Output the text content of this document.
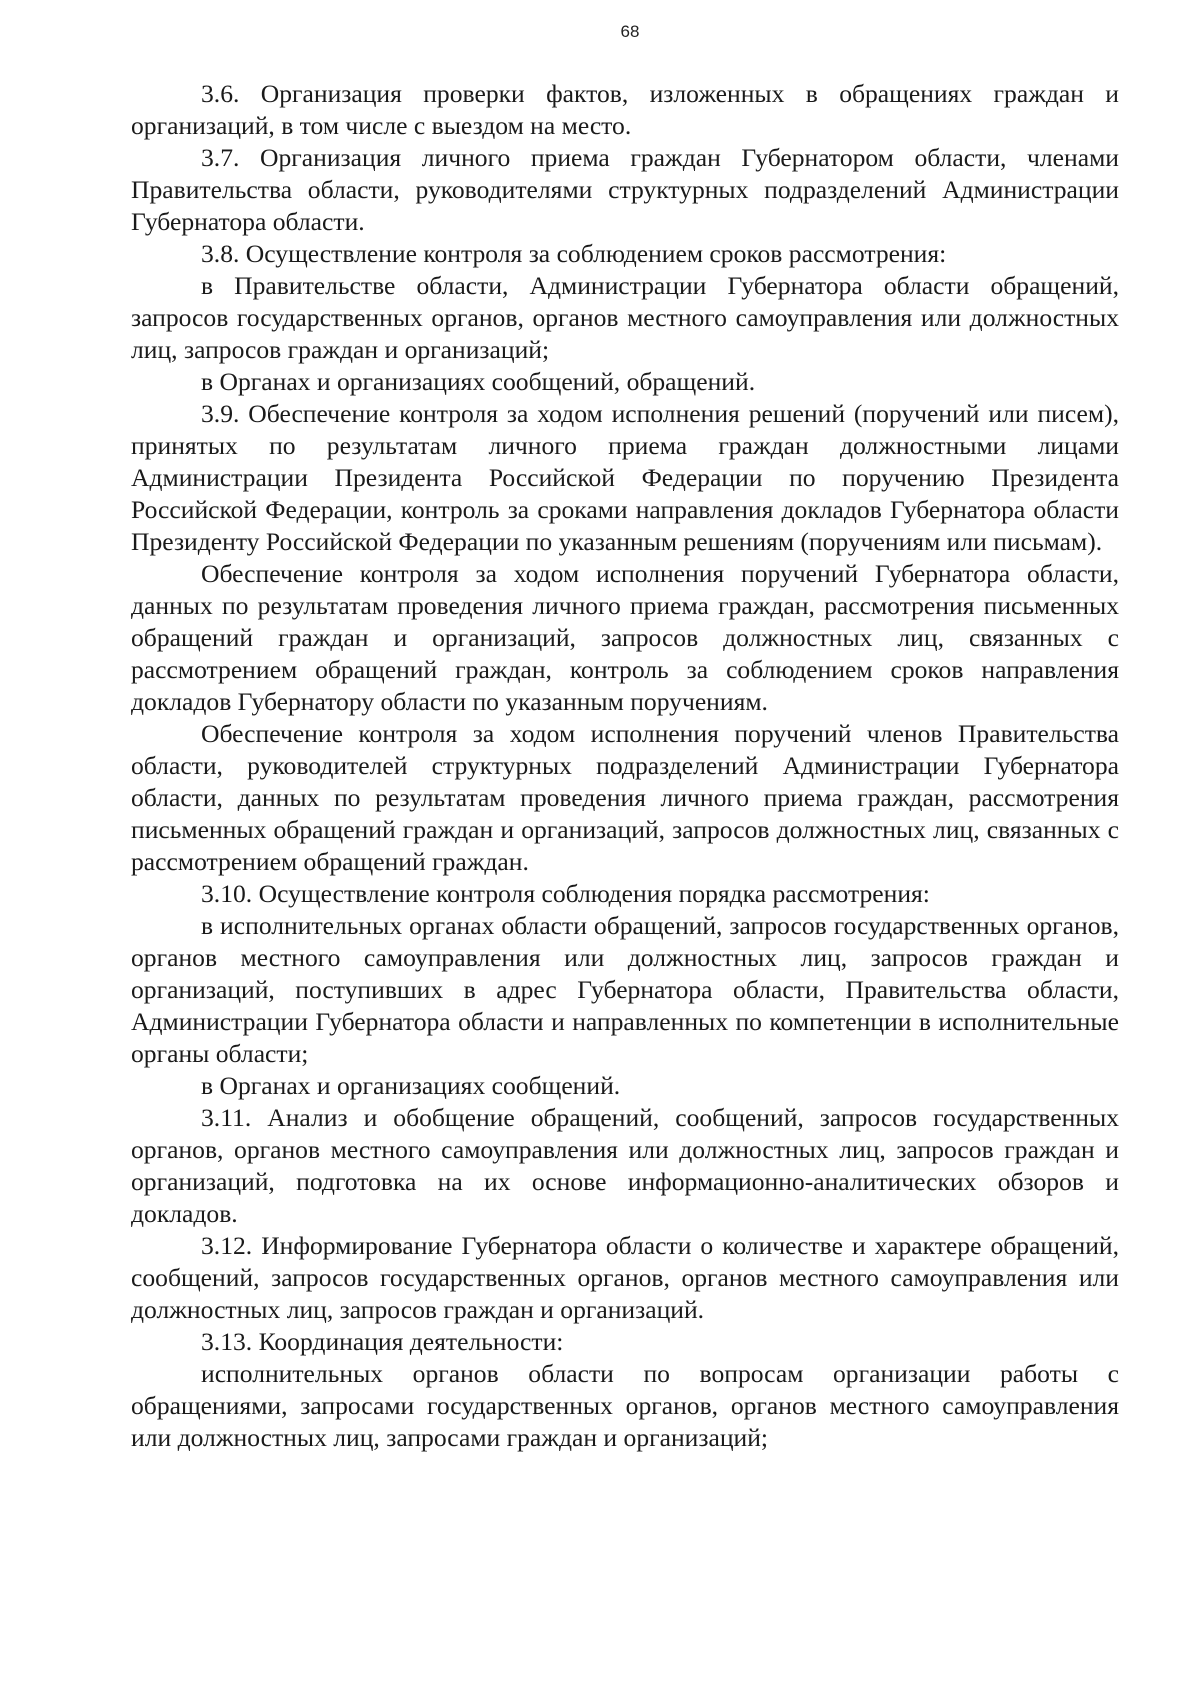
68

3.6. Организация проверки фактов, изложенных в обращениях граждан и организаций, в том числе с выездом на место.

3.7. Организация личного приема граждан Губернатором области, членами Правительства области, руководителями структурных подразделений Администрации Губернатора области.

3.8. Осуществление контроля за соблюдением сроков рассмотрения:

в Правительстве области, Администрации Губернатора области обращений, запросов государственных органов, органов местного самоуправления или должностных лиц, запросов граждан и организаций;

в Органах и организациях сообщений, обращений.

3.9. Обеспечение контроля за ходом исполнения решений (поручений или писем), принятых по результатам личного приема граждан должностными лицами Администрации Президента Российской Федерации по поручению Президента Российской Федерации, контроль за сроками направления докладов Губернатора области Президенту Российской Федерации по указанным решениям (поручениям или письмам).

Обеспечение контроля за ходом исполнения поручений Губернатора области, данных по результатам проведения личного приема граждан, рассмотрения письменных обращений граждан и организаций, запросов должностных лиц, связанных с рассмотрением обращений граждан, контроль за соблюдением сроков направления докладов Губернатору области по указанным поручениям.

Обеспечение контроля за ходом исполнения поручений членов Правительства области, руководителей структурных подразделений Администрации Губернатора области, данных по результатам проведения личного приема граждан, рассмотрения письменных обращений граждан и организаций, запросов должностных лиц, связанных с рассмотрением обращений граждан.

3.10. Осуществление контроля соблюдения порядка рассмотрения:

в исполнительных органах области обращений, запросов государственных органов, органов местного самоуправления или должностных лиц, запросов граждан и организаций, поступивших в адрес Губернатора области, Правительства области, Администрации Губернатора области и направленных по компетенции в исполнительные органы области;

в Органах и организациях сообщений.

3.11. Анализ и обобщение обращений, сообщений, запросов государственных органов, органов местного самоуправления или должностных лиц, запросов граждан и организаций, подготовка на их основе информационно-аналитических обзоров и докладов.

3.12. Информирование Губернатора области о количестве и характере обращений, сообщений, запросов государственных органов, органов местного самоуправления или должностных лиц, запросов граждан и организаций.

3.13. Координация деятельности:

исполнительных органов области по вопросам организации работы с обращениями, запросами государственных органов, органов местного самоуправления или должностных лиц, запросами граждан и организаций;
